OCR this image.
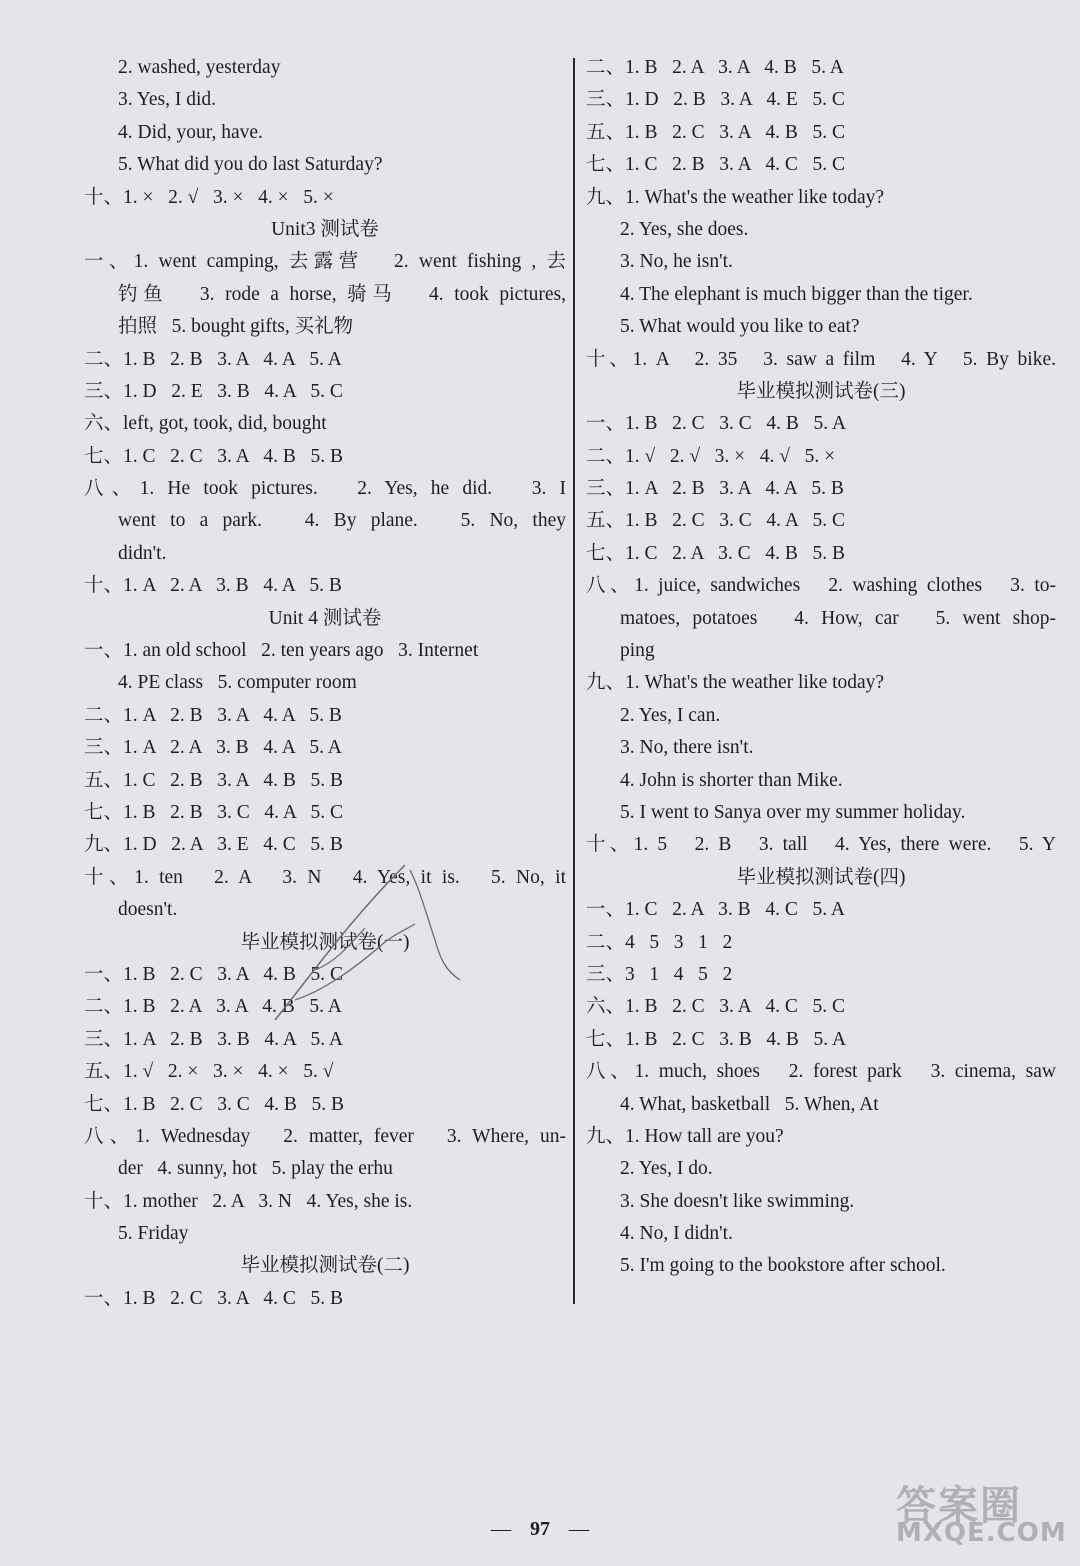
2. washed, yesterday
3. Yes, I did.
4. Did, your, have.
5. What did you do last Saturday?
十、1. ×   2. √   3. ×   4. ×   5. ×
Unit3 测试卷
一、1. went camping, 去露营   2. went fishing , 去
钓鱼   3. rode a horse, 骑马   4. took pictures,
拍照   5. bought gifts, 买礼物
二、1. B   2. B   3. A   4. A   5. A
三、1. D   2. E   3. B   4. A   5. C
六、left, got, took, did, bought
七、1. C   2. C   3. A   4. B   5. B
八、1. He took pictures.   2. Yes, he did.   3. I
went to a park.   4. By plane.   5. No, they
didn't.
十、1. A   2. A   3. B   4. A   5. B
Unit 4 测试卷
一、1. an old school   2. ten years ago   3. Internet
4. PE class   5. computer room
二、1. A   2. B   3. A   4. A   5. B
三、1. A   2. A   3. B   4. A   5. A
五、1. C   2. B   3. A   4. B   5. B
七、1. B   2. B   3. C   4. A   5. C
九、1. D   2. A   3. E   4. C   5. B
十、1. ten   2. A   3. N   4. Yes, it is.   5. No, it
doesn't.
毕业模拟测试卷(一)
一、1. B   2. C   3. A   4. B   5. C
二、1. B   2. A   3. A   4. B   5. A
三、1. A   2. B   3. B   4. A   5. A
五、1. √   2. ×   3. ×   4. ×   5. √
七、1. B   2. C   3. C   4. B   5. B
八、1. Wednesday   2. matter, fever   3. Where, un-
der   4. sunny, hot   5. play the erhu
十、1. mother   2. A   3. N   4. Yes, she is.
5. Friday
毕业模拟测试卷(二)
一、1. B   2. C   3. A   4. C   5. B
二、1. B   2. A   3. A   4. B   5. A
三、1. D   2. B   3. A   4. E   5. C
五、1. B   2. C   3. A   4. B   5. C
七、1. C   2. B   3. A   4. C   5. C
九、1. What's the weather like today?
2. Yes, she does.
3. No, he isn't.
4. The elephant is much bigger than the tiger.
5. What would you like to eat?
十、1. A   2. 35   3. saw a film   4. Y   5. By bike.
毕业模拟测试卷(三)
一、1. B   2. C   3. C   4. B   5. A
二、1. √   2. √   3. ×   4. √   5. ×
三、1. A   2. B   3. A   4. A   5. B
五、1. B   2. C   3. C   4. A   5. C
七、1. C   2. A   3. C   4. B   5. B
八、1. juice, sandwiches   2. washing clothes   3. to-
matoes, potatoes   4. How, car   5. went shop-
ping
九、1. What's the weather like today?
2. Yes, I can.
3. No, there isn't.
4. John is shorter than Mike.
5. I went to Sanya over my summer holiday.
十、1. 5   2. B   3. tall   4. Yes, there were.   5. Y
毕业模拟测试卷(四)
一、1. C   2. A   3. B   4. C   5. A
二、4   5   3   1   2
三、3   1   4   5   2
六、1. B   2. C   3. A   4. C   5. C
七、1. B   2. C   3. B   4. B   5. A
八、1. much, shoes   2. forest park   3. cinema, saw
4. What, basketball   5. When, At
九、1. How tall are you?
2. Yes, I do.
3. She doesn't like swimming.
4. No, I didn't.
5. I'm going to the bookstore after school.
— 97 —	答案圈
MXQE.COM
